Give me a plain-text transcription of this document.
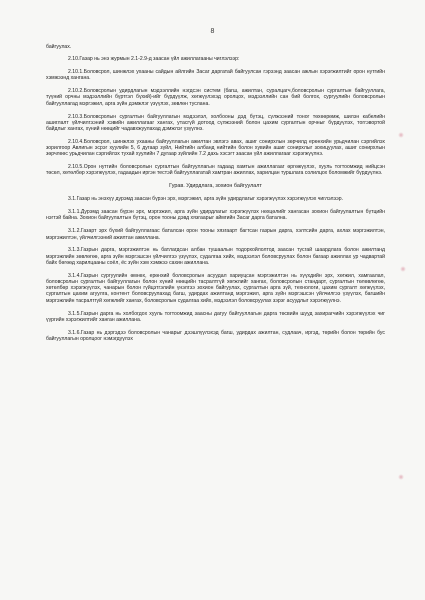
8

байгуулах.

2.10.Газар нь энэ журмын 2.1-2.9-д заасан үйл ажиллагааны чиглэлээр:

2.10.1.Боловсрол, шинжлэх ухааны сайдын айлгийн Засаг даргатай байгуулсан гэрээнд заасан ажлын хэрэгжилтийг орон нутгийн хэмжээнд хангана.

2.10.2.Боловсролын удирдлагын мэдээллийн нэгдсэн систем (багш, ажилтан, суралцагч,боловсролын сургалтын байгууллага, түүний орчны мэдээллийн бүртгэл бүхий)-ийг бүрдүүлж, хөгжүүлэхэд оролцох, мэдээллийн сан бий болгох, сургуулийн боловсролын байгууллагад мэргэжил, арга зүйн дэмжлэг үзүүлэх, зөвлөн туслана.

2.10.3.Боловсролын сургалтын байгууллагын мэдээлэл, холбооны дэд бүтэц, сүлжээний тоног төхөөрөмж, шилэн кабелийн ашиглалт үйлчилгээний хэвийн ажиллагааг хангах, утасгүй дотоод сүлжээний болон цахим сургалтын орчныг бүрдүүлэх, тоггэвортой байдлыг хангах, хүний нөөцийг чадавхжуулахад дэмжлэг үзүүлнэ.

2.10.4.Боловсрол, шинжлэх ухааны байгууллагын ажилтан эвлэгэ авах, ашиг сонирхлын зөрчилд ерөнхийн урьдчилан сэргийлэх зорилгоор Авлигын эсрэг хуулийн 5, 6 дугаар зүйл, Нийтийн албанд нийтийн болон хувийн ашиг сонирхлыг зохицуулах, ашиг сонирхлын зөрчлөөс урьдчилан сэргийлэх тухай хуулийн 7 дугаар зүйлийн 7.2 дахь хэсэгт заасан үйл ажиллагааг хэрэгжүүлнэ.

2.10.5.Орон нутгийн боловсролын сургалтын байгууллагын гадаад хамтын ажиллагааг өргөжүүлэх, хууль тогтоомжид нийцсэн төсөл, хөтөлбөр хэрэгжүүлэх, гадаадын иргэн тестэй байгууллагатай хамтран ажиллах, харилцан туршлага солилцох боломжийг бүрдүүлнэ.

Гурав. Удирдлага, зохион байгуулалт

3.1.Газар нь энэхүү дүрэмд заасан бүрэн эрх, мэргэжил, арга зүйн удирдлагыг хэрэгжүүлэх хэрэгжүүлэх чиглэлээр.

3.1.1.Дүрэмд заасан бүрэн эрх, мэргэжил, арга зүйн удирдлагыг хэрэгжүүлэх нөхцөлийг хангасан зохион байгуулалтын бүтцийн нэгтэй байна. Зохион байгуулалтын бүтэц, орон тооны дэвд хязгаарыг аймгийн Засаг дарга батална.

3.1.2.Газарт эрх бүхий байгууллагаас баталсан орон тооны хязгаарт багтсан газрын дарга, хэлтсийн дарга, ахлах мэргэжилтэн, мэргэжилтэн, үйлчилгээний ажилтан ажиллана.

3.1.3.Газрын дарга, мэргэжилтэн нь батлагдсан албан тушаалын тодорхойлолтод заасан тусгай шаардлага болон ажилтанд мэргэжлийн зөвлөгөө, арга зүйн мэргэшсэн үйлчилгээ үзүүлэх, судалгаа хийх, мэдээлэл боловсруулах болон багаар ажиллах ур чадвартай байх бөгөөд харилцааны соёл, ёс зүйн хэм хэмжээ сахин ажиллана.

3.1.4.Газрын сургуулийн өмнөх, ерөнхий боловсролын асуудал хариуцсан мэргэжилтэн нь хүүхдийн эрх, хөгжил, хамгаалал, боловсролын сургалтын байгууллагын болон хүний нөөцийн тасралтгүй хөгжлийг хангах, боловсролын стандарт, сургалтын төлөвлөгөө, хөтөлбөр хэрэгжүүлэх, чанарын болон гүйцэтгэлийн үнэлгээ зохион байгуулах, сургалтын арга зүй, технологи, цахим сургалт хөгжүүлэх, сургалтын цахим агуулга, контент боловсруулахад багш, удирдах ажилтанд мэргэжил, арга зүйн мэргэшсэн үйлчилгээ үзүүлэх, багшийн мэргэжлийн тасралтгүй хөгжлийг хангах, боловсролын судалгаа хийх, мэдээлэл боловсруулах зэрэг асуудлыг хэрэгжүүлнэ.

3.1.5.Газрын дарга нь холбогдох хууль тогтоомжид заасны дагуу байгууллагын дарга төсвийн шууд захирагчийн хэрэгжүүлэх чиг үүргийн хэрэгжилтийг ханган ажиллана.

3.1.6.Газар нь дэргэдээ боловсролын чанарыг дээшлүүлэхэд багш, удирдах ажилтан, судлаач, иргэд, төрийн болон төрийн бус байгууллагын оролцоог нэмэгдүүлэх
